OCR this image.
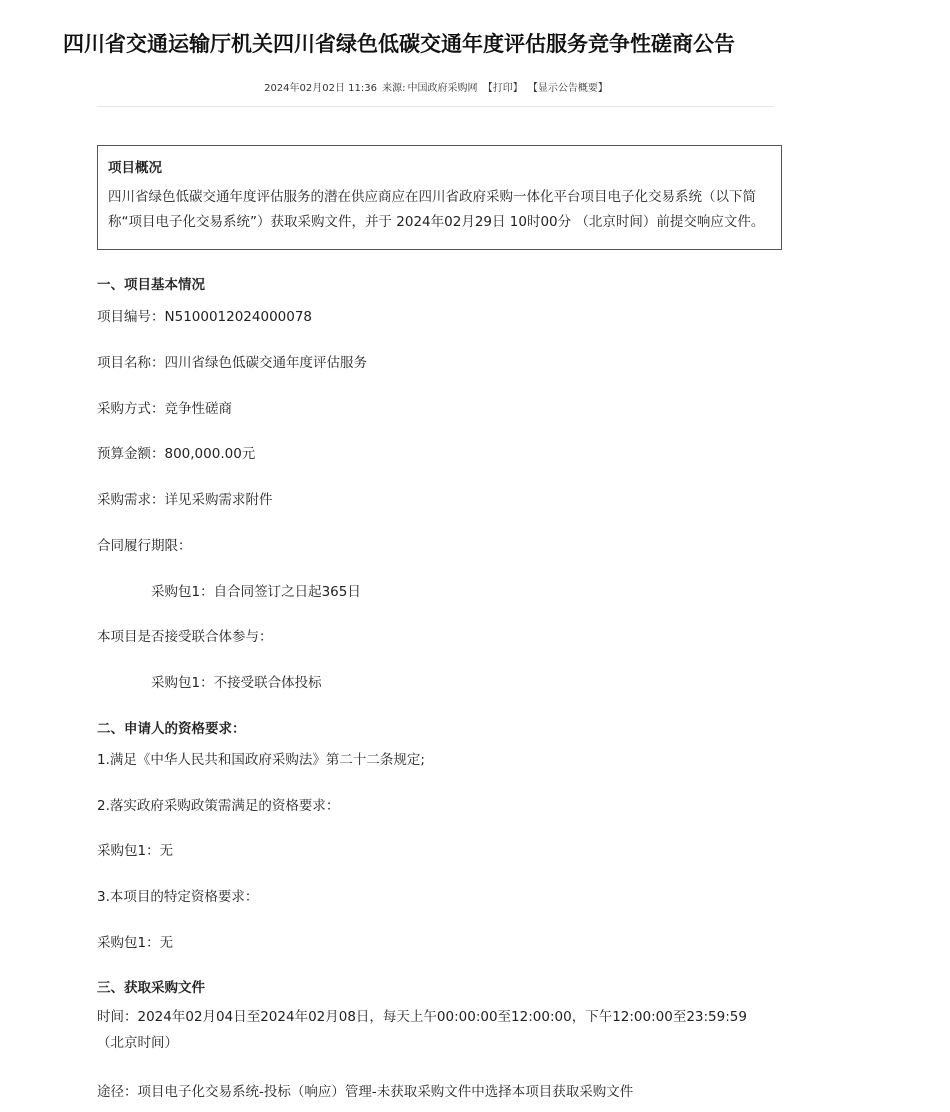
四川省交通运输厅机关四川省绿色低碳交通年度评估服务竞争性磋商公告
2024年02月02日 11:36 来源: 中国政府采购网 【打印】 【显示公告概要】
项目概况
四川省绿色低碳交通年度评估服务的潜在供应商应在四川省政府采购一体化平台项目电子化交易系统（以下简称“项目电子化交易系统”）获取采购文件，并于 2024年02月29日 10时00分 （北京时间）前提交响应文件。
一、项目基本情况
项目编号：N5100012024000078
项目名称：四川省绿色低碳交通年度评估服务
采购方式：竞争性磋商
预算金额：800,000.00元
采购需求：详见采购需求附件
合同履行期限：
采购包1：自合同签订之日起365日
本项目是否接受联合体参与：
采购包1：不接受联合体投标
二、申请人的资格要求：
1.满足《中华人民共和国政府采购法》第二十二条规定;
2.落实政府采购政策需满足的资格要求：
采购包1：无
3.本项目的特定资格要求：
采购包1：无
三、获取采购文件
时间：2024年02月04日至2024年02月08日，每天上午00:00:00至12:00:00，下午12:00:00至23:59:59（北京时间）
途径：项目电子化交易系统-投标（响应）管理-未获取采购文件中选择本项目获取采购文件
